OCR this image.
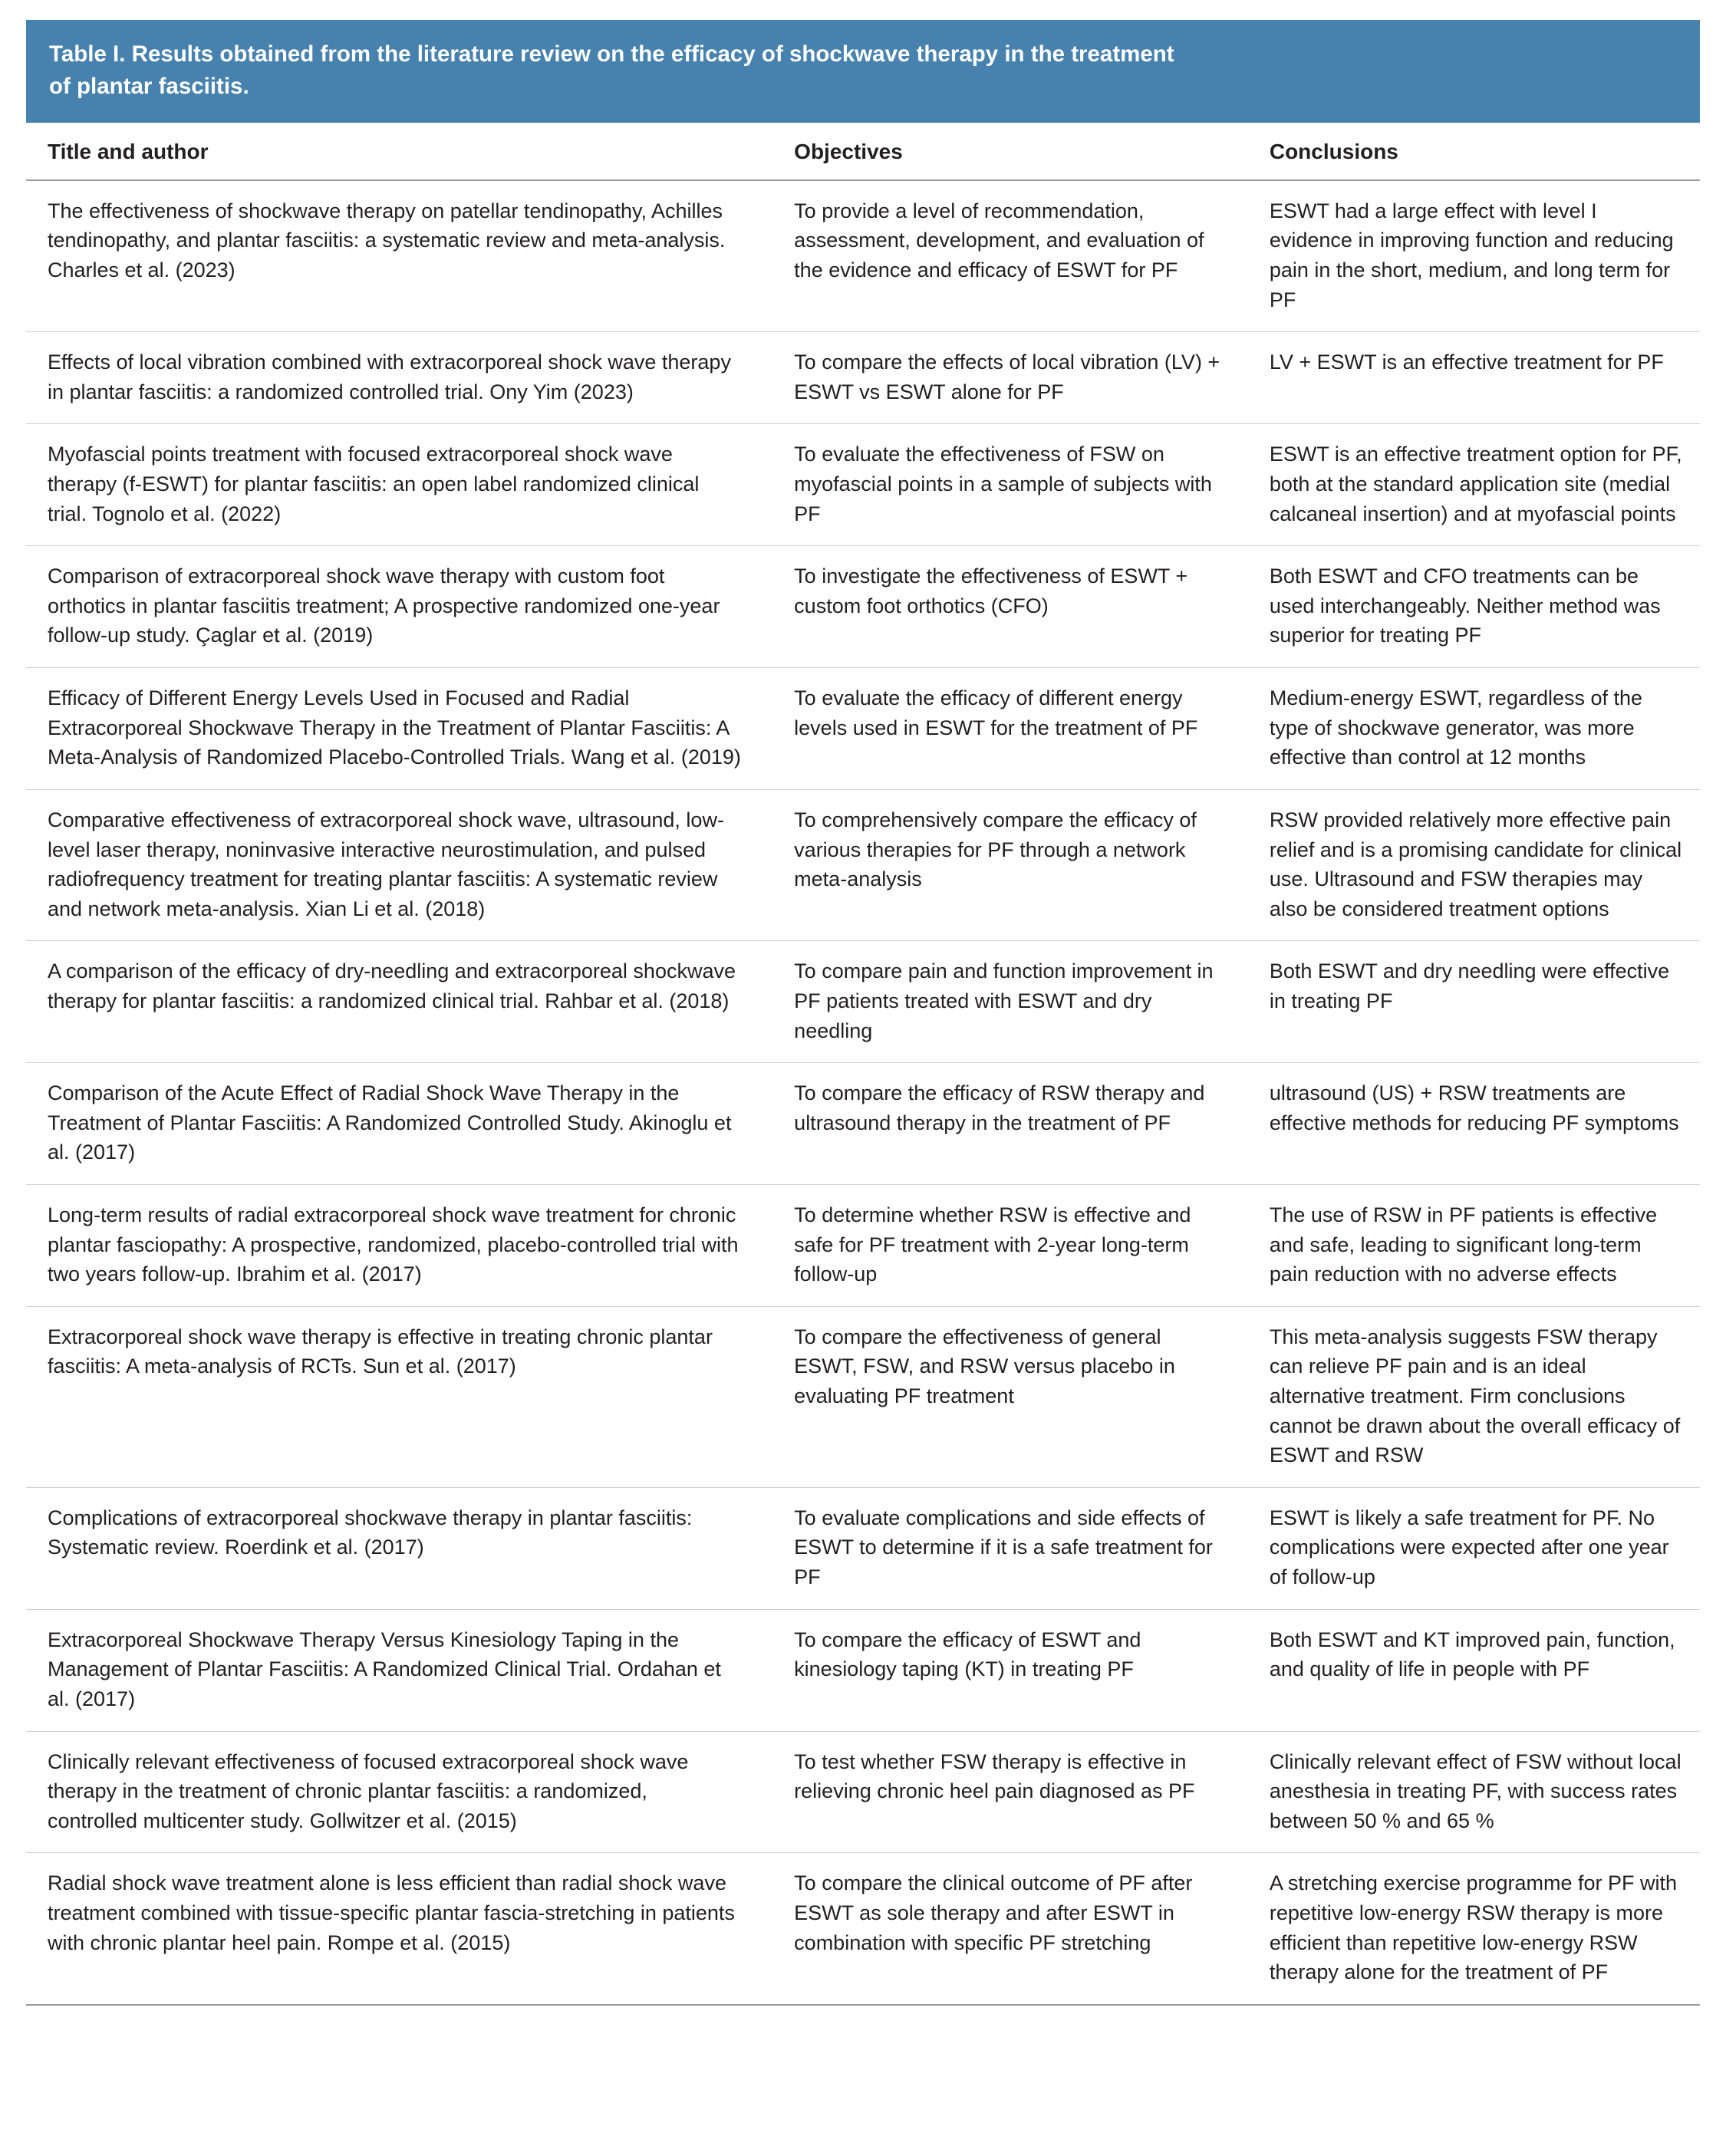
Table I. Results obtained from the literature review on the efficacy of shockwave therapy in the treatment
of plantar fasciitis.
Title and author	Objectives	Conclusions
The effectiveness of shockwave therapy on patellar tendinopathy, Achilles tendinopathy, and plantar fasciitis: a systematic review and meta-analysis. Charles et al. (2023)	To provide a level of recommendation, assessment, development, and evaluation of the evidence and efficacy of ESWT for PF	ESWT had a large effect with level I evidence in improving function and reducing pain in the short, medium, and long term for PF
Effects of local vibration combined with extracorporeal shock wave therapy in plantar fasciitis: a randomized controlled trial. Ony Yim (2023)	To compare the effects of local vibration (LV) + ESWT vs ESWT alone for PF	LV + ESWT is an effective treatment for PF
Myofascial points treatment with focused extracorporeal shock wave therapy (f-ESWT) for plantar fasciitis: an open label randomized clinical trial. Tognolo et al. (2022)	To evaluate the effectiveness of FSW on myofascial points in a sample of subjects with PF	ESWT is an effective treatment option for PF, both at the standard application site (medial calcaneal insertion) and at myofascial points
Comparison of extracorporeal shock wave therapy with custom foot orthotics in plantar fasciitis treatment; A prospective randomized one-year follow-up study. Çaglar et al. (2019)	To investigate the effectiveness of ESWT + custom foot orthotics (CFO)	Both ESWT and CFO treatments can be used interchangeably. Neither method was superior for treating PF
Efficacy of Different Energy Levels Used in Focused and Radial Extracorporeal Shockwave Therapy in the Treatment of Plantar Fasciitis: A Meta-Analysis of Randomized Placebo-Controlled Trials. Wang et al. (2019)	To evaluate the efficacy of different energy levels used in ESWT for the treatment of PF	Medium-energy ESWT, regardless of the type of shockwave generator, was more effective than control at 12 months
Comparative effectiveness of extracorporeal shock wave, ultrasound, low-level laser therapy, noninvasive interactive neurostimulation, and pulsed radiofrequency treatment for treating plantar fasciitis: A systematic review and network meta-analysis. Xian Li et al. (2018)	To comprehensively compare the efficacy of various therapies for PF through a network meta-analysis	RSW provided relatively more effective pain relief and is a promising candidate for clinical use. Ultrasound and FSW therapies may also be considered treatment options
A comparison of the efficacy of dry-needling and extracorporeal shockwave therapy for plantar fasciitis: a randomized clinical trial. Rahbar et al. (2018)	To compare pain and function improvement in PF patients treated with ESWT and dry needling	Both ESWT and dry needling were effective in treating PF
Comparison of the Acute Effect of Radial Shock Wave Therapy in the Treatment of Plantar Fasciitis: A Randomized Controlled Study. Akinoglu et al. (2017)	To compare the efficacy of RSW therapy and ultrasound therapy in the treatment of PF	ultrasound (US) + RSW treatments are effective methods for reducing PF symptoms
Long-term results of radial extracorporeal shock wave treatment for chronic plantar fasciopathy: A prospective, randomized, placebo-controlled trial with two years follow-up. Ibrahim et al. (2017)	To determine whether RSW is effective and safe for PF treatment with 2-year long-term follow-up	The use of RSW in PF patients is effective and safe, leading to significant long-term pain reduction with no adverse effects
Extracorporeal shock wave therapy is effective in treating chronic plantar fasciitis: A meta-analysis of RCTs. Sun et al. (2017)	To compare the effectiveness of general ESWT, FSW, and RSW versus placebo in evaluating PF treatment	This meta-analysis suggests FSW therapy can relieve PF pain and is an ideal alternative treatment. Firm conclusions cannot be drawn about the overall efficacy of ESWT and RSW
Complications of extracorporeal shockwave therapy in plantar fasciitis: Systematic review. Roerdink et al. (2017)	To evaluate complications and side effects of ESWT to determine if it is a safe treatment for PF	ESWT is likely a safe treatment for PF. No complications were expected after one year of follow-up
Extracorporeal Shockwave Therapy Versus Kinesiology Taping in the Management of Plantar Fasciitis: A Randomized Clinical Trial. Ordahan et al. (2017)	To compare the efficacy of ESWT and kinesiology taping (KT) in treating PF	Both ESWT and KT improved pain, function, and quality of life in people with PF
Clinically relevant effectiveness of focused extracorporeal shock wave therapy in the treatment of chronic plantar fasciitis: a randomized, controlled multicenter study. Gollwitzer et al. (2015)	To test whether FSW therapy is effective in relieving chronic heel pain diagnosed as PF	Clinically relevant effect of FSW without local anesthesia in treating PF, with success rates between 50 % and 65 %
Radial shock wave treatment alone is less efficient than radial shock wave treatment combined with tissue-specific plantar fascia-stretching in patients with chronic plantar heel pain. Rompe et al. (2015)	To compare the clinical outcome of PF after ESWT as sole therapy and after ESWT in combination with specific PF stretching	A stretching exercise programme for PF with repetitive low-energy RSW therapy is more efficient than repetitive low-energy RSW therapy alone for the treatment of PF
